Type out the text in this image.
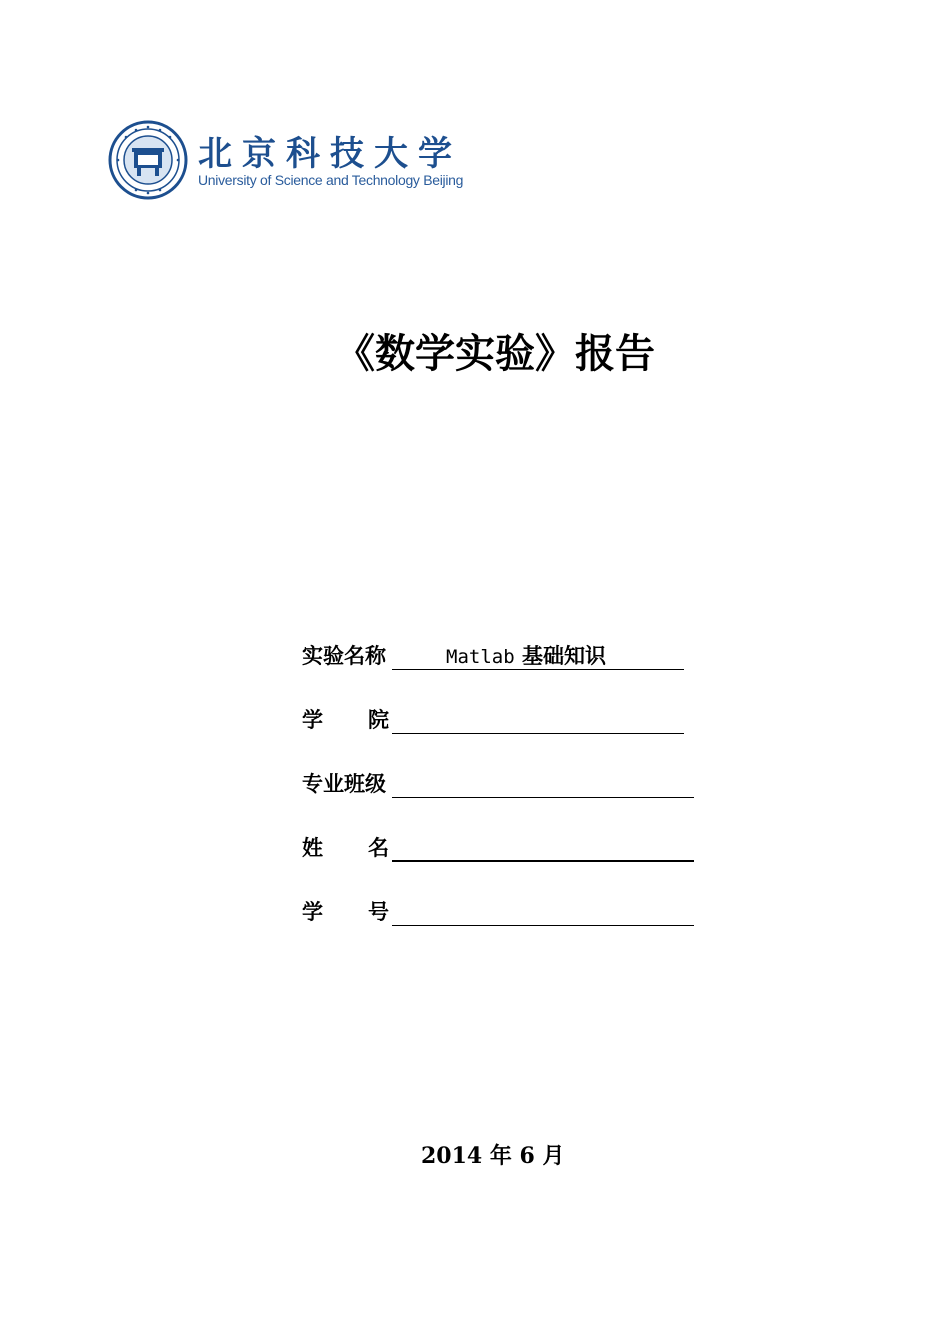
北京科技大学
University of Science and Technology Beijing
《数学实验》报告
实验名称	Matlab 基础知识
学 院
专业班级
姓 名
学 号
2014 年 6 月
